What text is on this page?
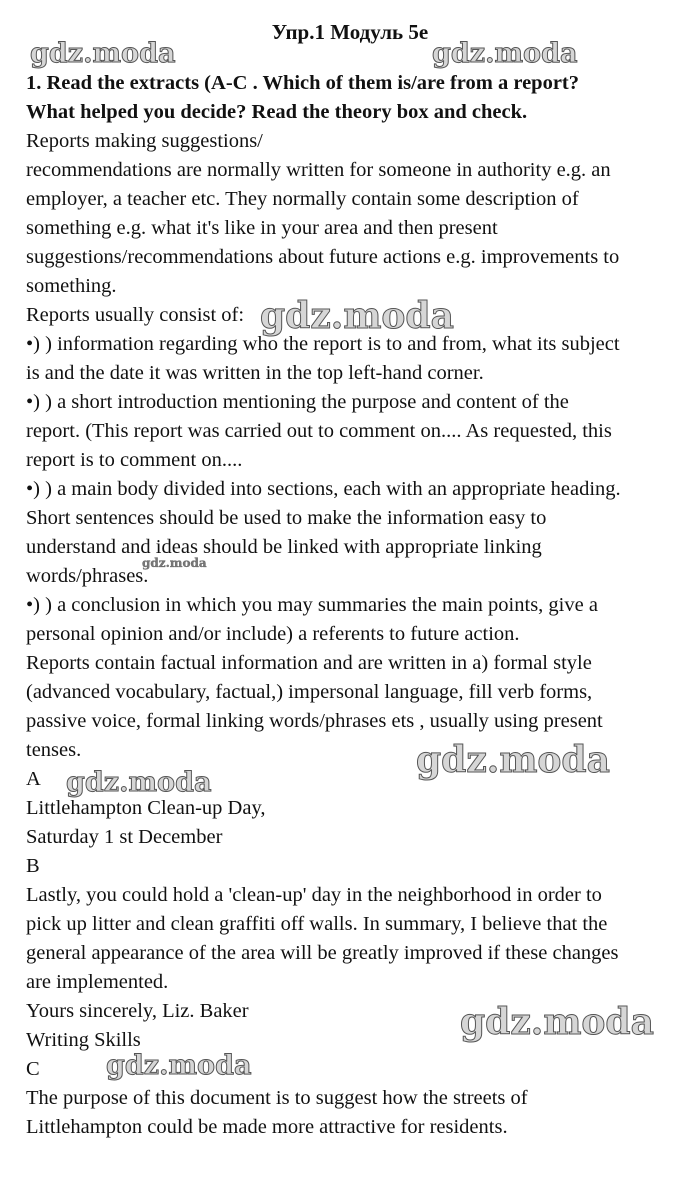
Упр.1 Модуль 5е
1. Read the extracts (A-C . Which of them is/are from a report?
What helped you decide? Read the theory box and check.
Reports making suggestions/
recommendations are normally written for someone in authority e.g. an
employer, a teacher etc. They normally contain some description of
something e.g. what it's like in your area and then present
suggestions/recommendations about future actions e.g. improvements to
something.
Reports usually consist of:
•) ) information regarding who the report is to and from, what its subject
is and the date it was written in the top left-hand corner.
•) ) a short introduction mentioning the purpose and content of the
report. (This report was carried out to comment on.... As requested, this
report is to comment on....
•) ) a main body divided into sections, each with an appropriate heading.
Short sentences should be used to make the information easy to
understand and ideas should be linked with appropriate linking
words/phrases.
•) ) a conclusion in which you may summaries the main points, give a
personal opinion and/or include) a referents to future action.
Reports contain factual information and are written in a) formal style
(advanced vocabulary, factual,) impersonal language, fill verb forms,
passive voice, formal linking words/phrases ets , usually using present
tenses.
A
Littlehampton Clean-up Day,
Saturday 1 st December
B
Lastly, you could hold a 'clean-up' day in the neighborhood in order to
pick up litter and clean graffiti off walls. In summary, I believe that the
general appearance of the area will be greatly improved if these changes
are implemented.
Yours sincerely, Liz. Baker
Writing Skills
C
The purpose of this document is to suggest how the streets of
Littlehampton could be made more attractive for residents.
gdz.moda	gdz.moda
gdz.moda
gdz.moda
gdz.moda
gdz.moda
gdz.moda
gdz.moda
